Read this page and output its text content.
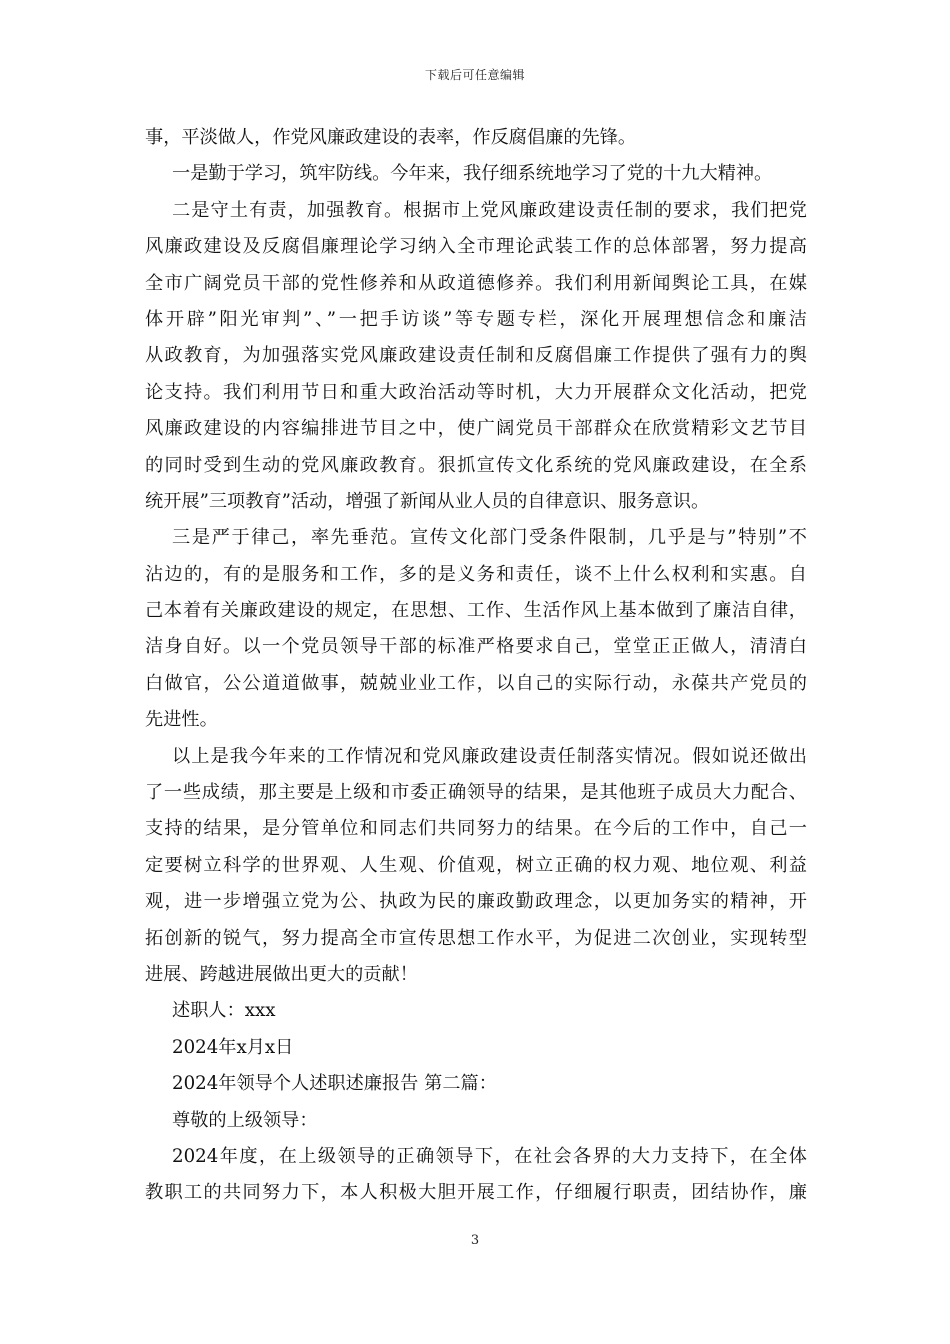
下载后可任意编辑
事，平淡做人，作党风廉政建设的表率，作反腐倡廉的先锋。
一是勤于学习，筑牢防线。今年来，我仔细系统地学习了党的十九大精神。
二是守土有责，加强教育。根据市上党风廉政建设责任制的要求，我们把党
风廉政建设及反腐倡廉理论学习纳入全市理论武装工作的总体部署，努力提高
全市广阔党员干部的党性修养和从政道德修养。我们利用新闻舆论工具，在媒
体开辟”阳光审判”、”一把手访谈”等专题专栏，深化开展理想信念和廉洁
从政教育，为加强落实党风廉政建设责任制和反腐倡廉工作提供了强有力的舆
论支持。我们利用节日和重大政治活动等时机，大力开展群众文化活动，把党
风廉政建设的内容编排进节目之中，使广阔党员干部群众在欣赏精彩文艺节目
的同时受到生动的党风廉政教育。狠抓宣传文化系统的党风廉政建设，在全系
统开展”三项教育”活动，增强了新闻从业人员的自律意识、服务意识。
三是严于律己，率先垂范。宣传文化部门受条件限制，几乎是与”特别”不
沾边的，有的是服务和工作，多的是义务和责任，谈不上什么权利和实惠。自
己本着有关廉政建设的规定，在思想、工作、生活作风上基本做到了廉洁自律，
洁身自好。以一个党员领导干部的标准严格要求自己，堂堂正正做人，清清白
白做官，公公道道做事，兢兢业业工作，以自己的实际行动，永葆共产党员的
先进性。
以上是我今年来的工作情况和党风廉政建设责任制落实情况。假如说还做出
了一些成绩，那主要是上级和市委正确领导的结果，是其他班子成员大力配合、
支持的结果，是分管单位和同志们共同努力的结果。在今后的工作中，自己一
定要树立科学的世界观、人生观、价值观，树立正确的权力观、地位观、利益
观，进一步增强立党为公、执政为民的廉政勤政理念，以更加务实的精神，开
拓创新的锐气，努力提高全市宣传思想工作水平，为促进二次创业，实现转型
进展、跨越进展做出更大的贡献！
述职人：xxx
2024年x月x日
2024年领导个人述职述廉报告 第二篇：
尊敬的上级领导：
2024年度，在上级领导的正确领导下，在社会各界的大力支持下，在全体
教职工的共同努力下，本人积极大胆开展工作，仔细履行职责，团结协作，廉
3
